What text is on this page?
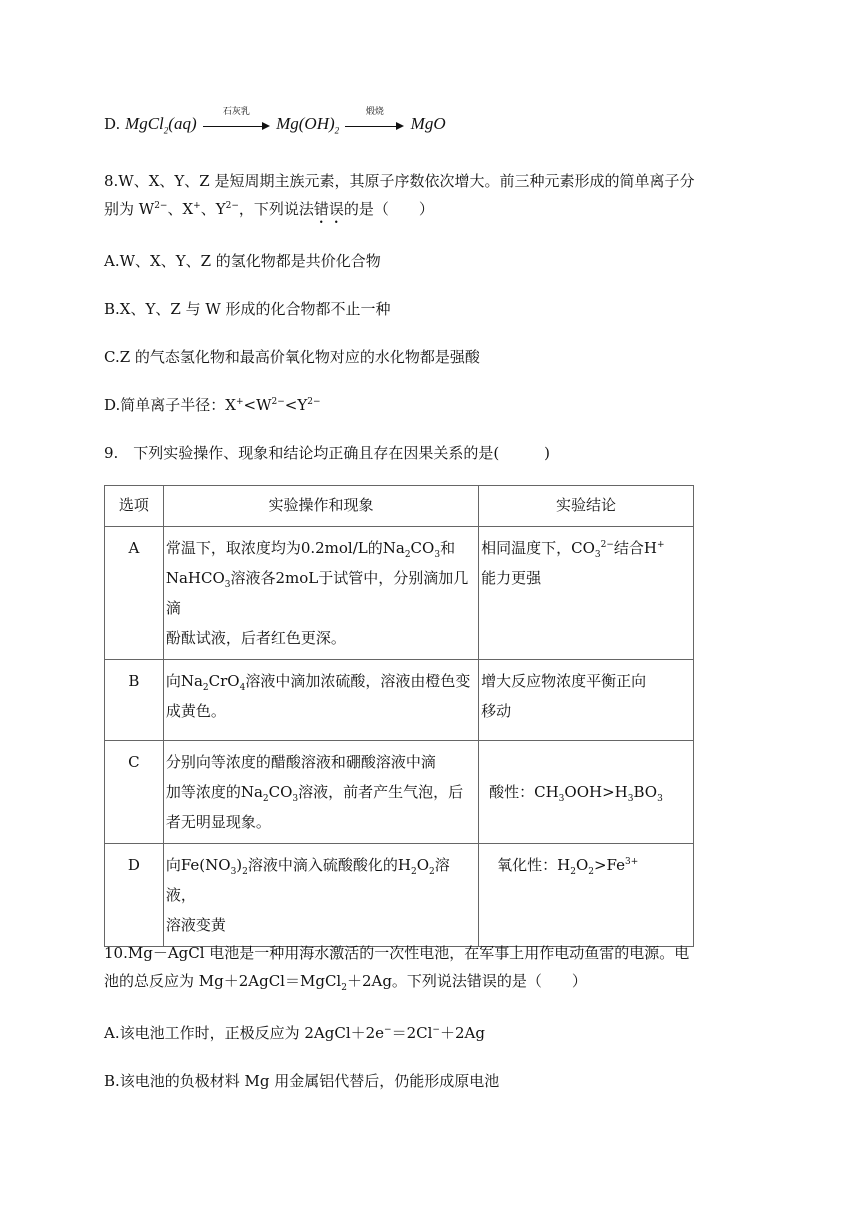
D. MgCl$_2$(aq)
石灰乳
$Mg(OH)_2$
煅烧
MgO
8.W、X、Y、Z 是短周期主族元素，其原子序数依次增大。前三种元素形成的简单离子分
别为 $W^{2-}$、X+、$Y^{2-}$，下列说法错误的是（　　）
A.W、X、Y、Z 的氢化物都是共价化合物
B.X、Y、Z 与 W 形成的化合物都不止一种
C.Z 的气态氢化物和最高价氧化物对应的水化物都是强酸
D.简单离子半径：$X^+<W^{2-}<Y^{2-}$
9.　下列实验操作、现象和结论均正确且存在因果关系的是(　　　)
选项	实验操作和现象	实验结论
A	常温下，取浓度均为0.2mol/L的$Na_2CO_3$和
NaHCO$_3$溶液各2moL于试管中，分别滴加几滴
酚酞试液，后者红色更深。	相同温度下，$CO_3^{2-}$结合H+
能力更强
B	向$Na_2CrO_4$溶液中滴加浓硫酸，溶液由橙色变
成黄色。	增大反应物浓度平衡正向
移动
C	分别向等浓度的醋酸溶液和硼酸溶液中滴
加等浓度的$Na_2CO_3$溶液，前者产生气泡，后
者无明显现象。	酸性：$CH_3OOH>H_3BO_3$
D	向$Fe(NO_3)_2$溶液中滴入硫酸酸化的$H_2O_2$溶液，
溶液变黄	氧化性：$H_2O_2>Fe^{3+}$
10.Mg－AgCl 电池是一种用海水激活的一次性电池，在军事上用作电动鱼雷的电源。电
池的总反应为 Mg＋2AgCl＝MgCl$_2$＋2Ag。下列说法错误的是（　　）
A.该电池工作时，正极反应为 2AgCl＋2e−＝2Cl−＋2Ag
B.该电池的负极材料 Mg 用金属铝代替后，仍能形成原电池
